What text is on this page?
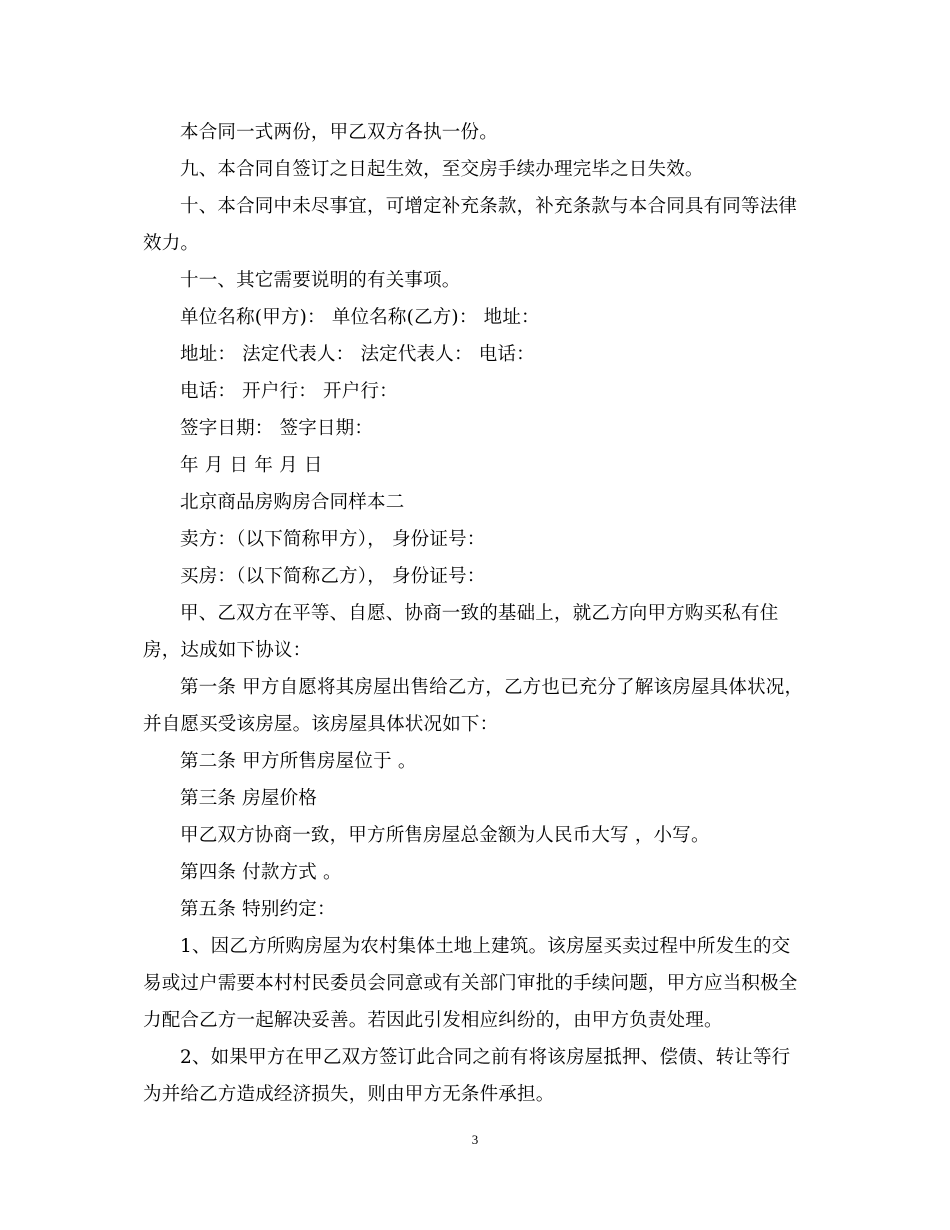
本合同一式两份，甲乙双方各执一份。

九、本合同自签订之日起生效，至交房手续办理完毕之日失效。

十、本合同中未尽事宜，可增定补充条款，补充条款与本合同具有同等法律效力。

十一、其它需要说明的有关事项。

单位名称(甲方)： 单位名称(乙方)： 地址：

地址： 法定代表人： 法定代表人： 电话：

电话： 开户行： 开户行：

签字日期： 签字日期：

年 月 日 年 月 日

北京商品房购房合同样本二

卖方：（以下简称甲方）， 身份证号：

买房：（以下简称乙方）， 身份证号：

甲、乙双方在平等、自愿、协商一致的基础上，就乙方向甲方购买私有住房，达成如下协议：

第一条 甲方自愿将其房屋出售给乙方，乙方也已充分了解该房屋具体状况，并自愿买受该房屋。该房屋具体状况如下：

第二条 甲方所售房屋位于 。

第三条 房屋价格

甲乙双方协商一致，甲方所售房屋总金额为人民币大写 ，小写。

第四条 付款方式 。

第五条 特别约定：

1、因乙方所购房屋为农村集体土地上建筑。该房屋买卖过程中所发生的交易或过户需要本村村民委员会同意或有关部门审批的手续问题，甲方应当积极全力配合乙方一起解决妥善。若因此引发相应纠纷的，由甲方负责处理。

2、如果甲方在甲乙双方签订此合同之前有将该房屋抵押、偿债、转让等行为并给乙方造成经济损失，则由甲方无条件承担。

3
